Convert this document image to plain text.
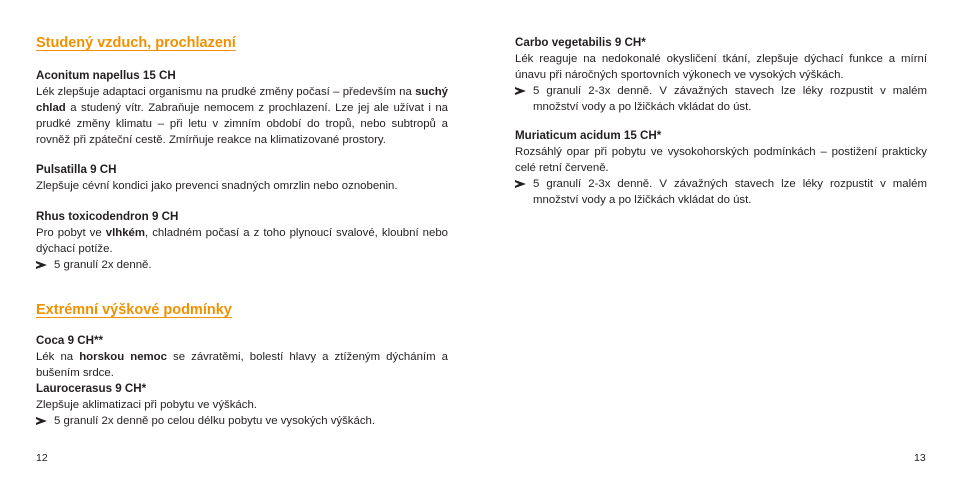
Studený vzduch, prochlazení
Aconitum napellus 15 CH
Lék zlepšuje adaptaci organismu na prudké změny počasí – především na suchý chlad a studený vítr. Zabraňuje nemocem z prochlazení. Lze jej ale užívat i na prudké změny klimatu – při letu v zimním období do tropů, nebo subtropů a rovněž při zpáteční cestě. Zmírňuje reakce na klimatizované prostory.
Pulsatilla 9 CH
Zlepšuje cévní kondici jako prevenci snadných omrzlin nebo oznobenin.
Rhus toxicodendron 9 CH
Pro pobyt ve vlhkém, chladném počasí a z toho plynoucí svalové, kloubní nebo dýchací potíže.
5 granulí 2x denně.
Extrémní výškové podmínky
Coca 9 CH**
Lék na horskou nemoc se závratěmi, bolestí hlavy a ztíženým dýcháním a bušením srdce.
Laurocerasus 9 CH*
Zlepšuje aklimatizaci při pobytu ve výškách.
5 granulí 2x denně po celou délku pobytu ve vysokých výškách.
12
Carbo vegetabilis 9 CH*
Lék reaguje na nedokonalé okysličení tkání, zlepšuje dýchací funkce a mírní únavu při náročných sportovních výkonech ve vysokých výškách.
5 granulí 2-3x denně. V závažných stavech lze léky rozpustit v malém množství vody a po lžičkách vkládat do úst.
Muriaticum acidum 15 CH*
Rozsáhlý opar při pobytu ve vysokohorských podmínkách – postižení prakticky celé retní červeně.
5 granulí 2-3x denně. V závažných stavech lze léky rozpustit v malém množství vody a po lžičkách vkládat do úst.
13
